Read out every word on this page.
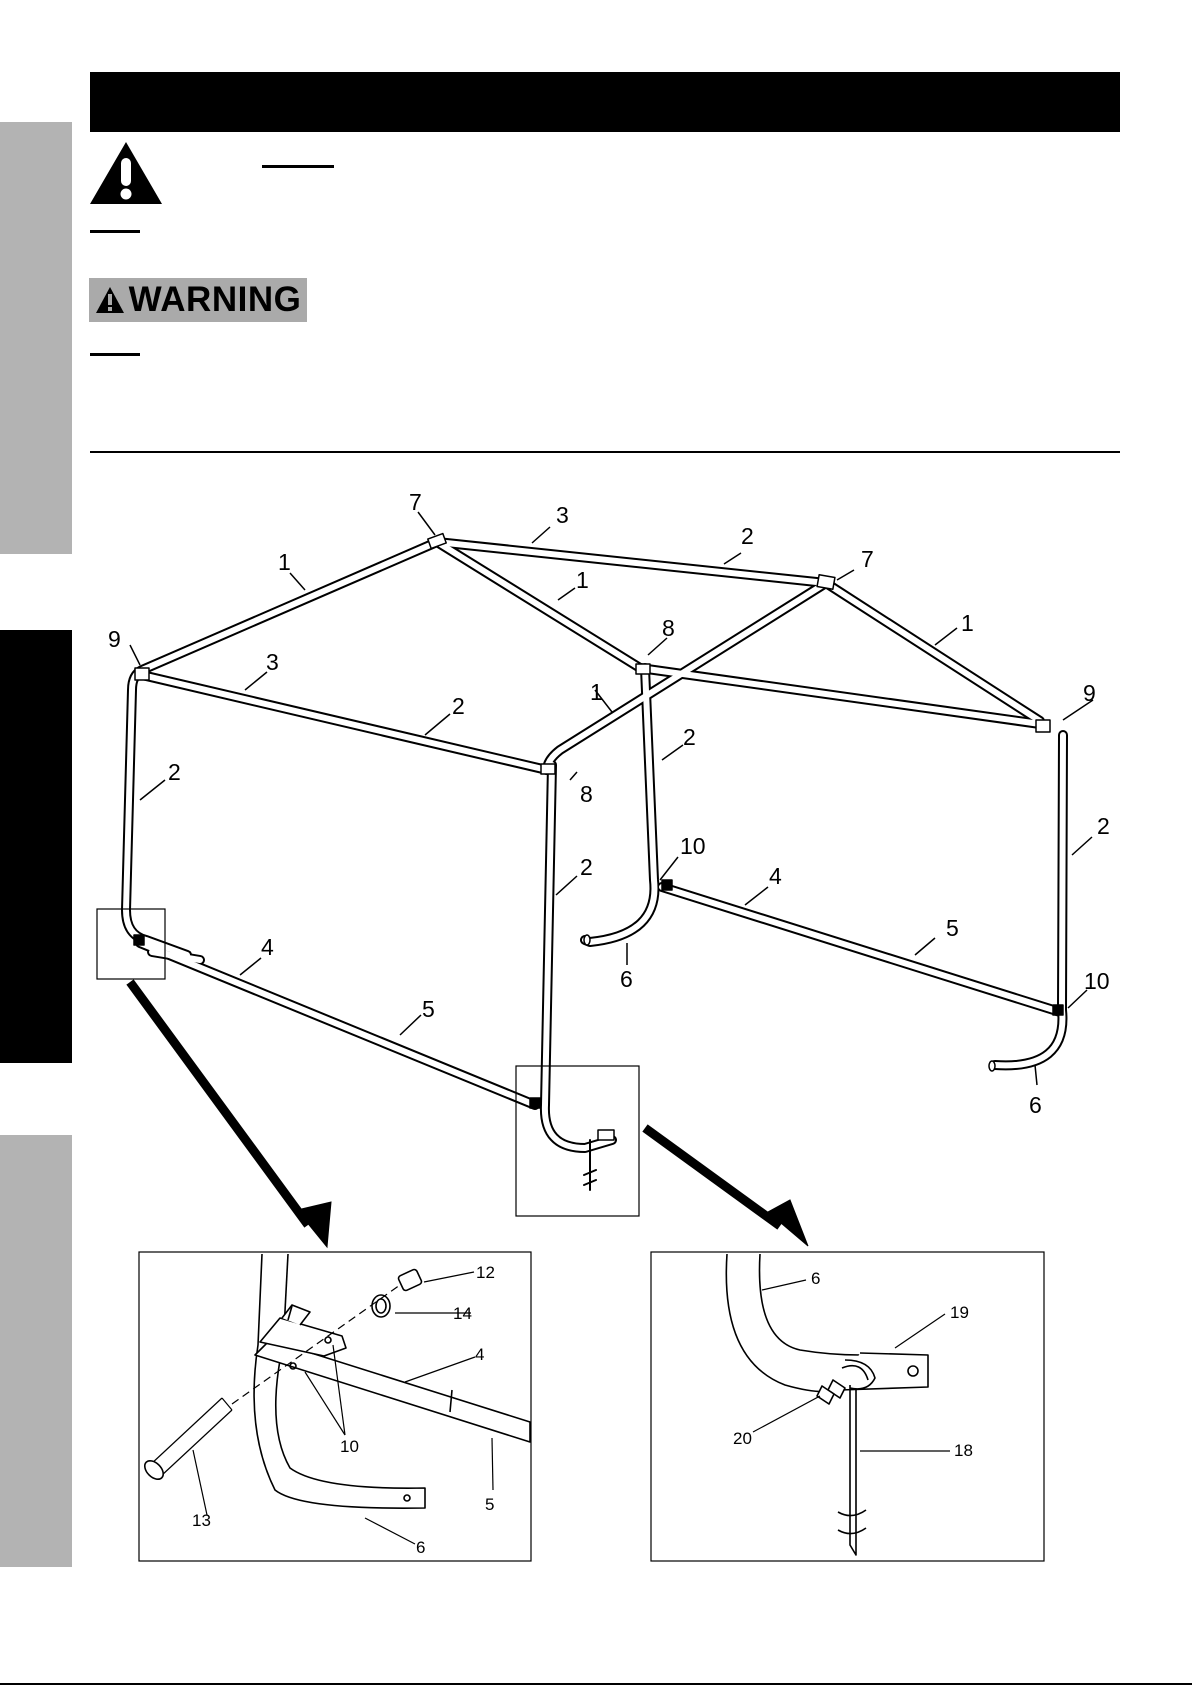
WARNING
7	3
2
7
1
1
8	1
9
9
3
1
2
2
8
2
2
2
10
4
6
4
5
5
10
6
12
14
4
10
5
6
13
6
19
20
18
